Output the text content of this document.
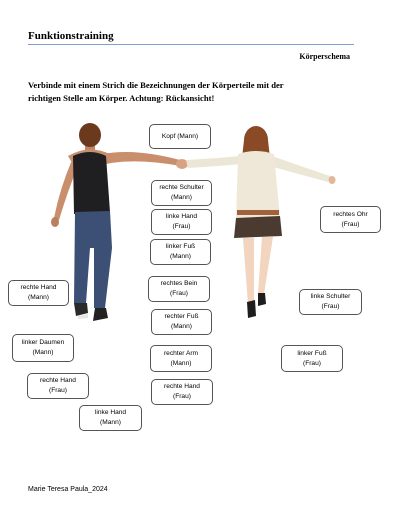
Funktionstraining
Körperschema
Verbinde mit einem Strich die Bezeichnungen der Körperteile mit der
richtigen Stelle am Körper. Achtung: Rückansicht!
Kopf (Mann)
rechte Schulter
(Mann)
linke Hand
(Frau)
linker Fuß
(Mann)
rechtes Bein
(Frau)
rechter Fuß
(Mann)
rechter Arm
(Mann)
rechte Hand
(Frau)
rechtes Ohr
(Frau)
linke Schulter
(Frau)
linker Fuß
(Frau)
rechte Hand
(Mann)
linker Daumen
(Mann)
rechte Hand
(Frau)
linke Hand
(Mann)
Marie Teresa Paula_2024
